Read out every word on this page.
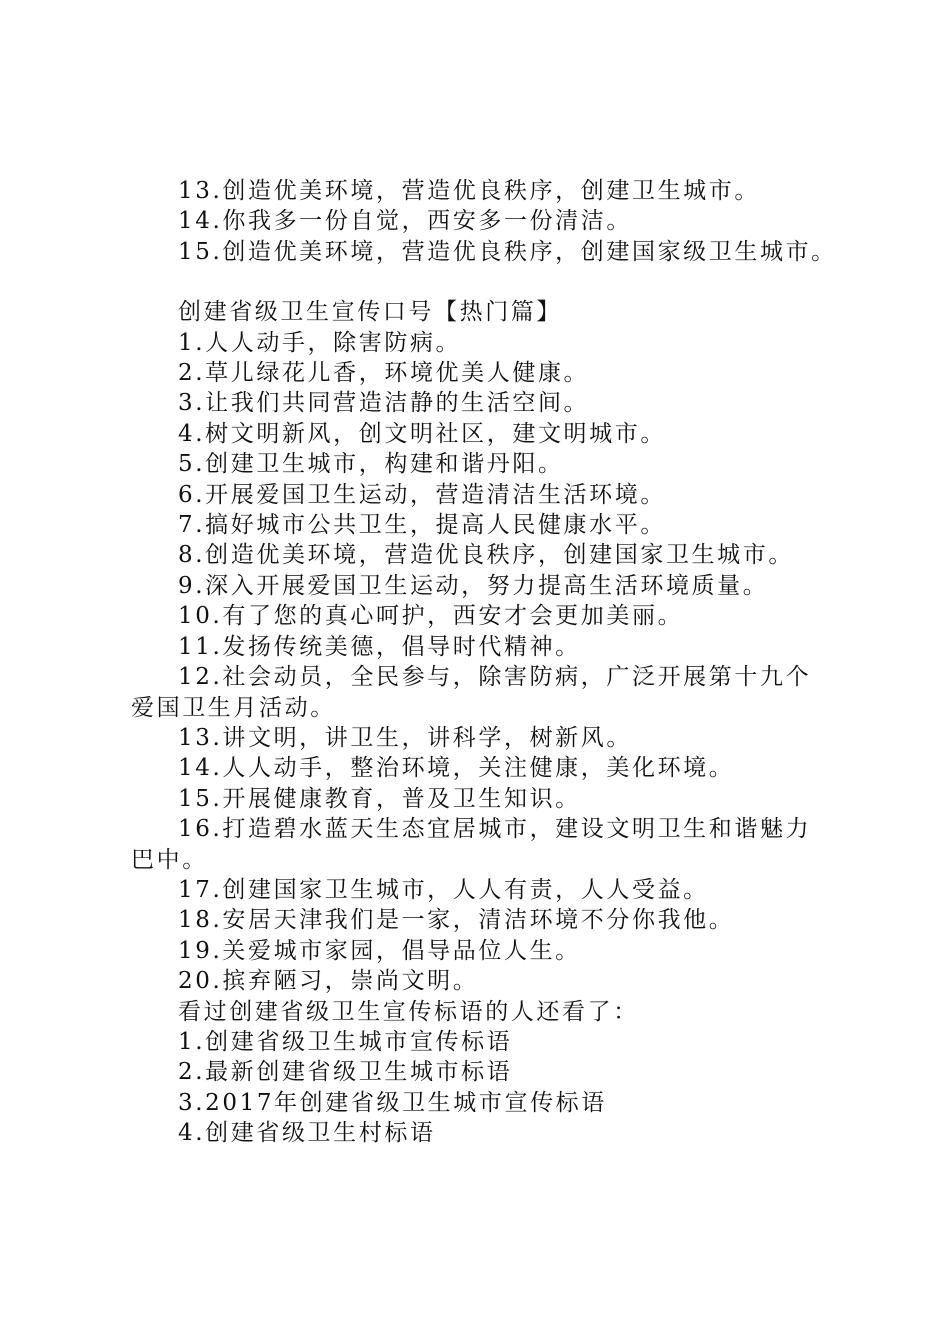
13.创造优美环境，营造优良秩序，创建卫生城市。
14.你我多一份自觉，西安多一份清洁。
15.创造优美环境，营造优良秩序，创建国家级卫生城市。
创建省级卫生宣传口号【热门篇】
1.人人动手，除害防病。
2.草儿绿花儿香，环境优美人健康。
3.让我们共同营造洁静的生活空间。
4.树文明新风，创文明社区，建文明城市。
5.创建卫生城市，构建和谐丹阳。
6.开展爱国卫生运动，营造清洁生活环境。
7.搞好城市公共卫生，提高人民健康水平。
8.创造优美环境，营造优良秩序，创建国家卫生城市。
9.深入开展爱国卫生运动，努力提高生活环境质量。
10.有了您的真心呵护，西安才会更加美丽。
11.发扬传统美德，倡导时代精神。
12.社会动员，全民参与，除害防病，广泛开展第十九个爱国卫生月活动。
13.讲文明，讲卫生，讲科学，树新风。
14.人人动手，整治环境，关注健康，美化环境。
15.开展健康教育，普及卫生知识。
16.打造碧水蓝天生态宜居城市，建设文明卫生和谐魅力巴中。
17.创建国家卫生城市，人人有责，人人受益。
18.安居天津我们是一家，清洁环境不分你我他。
19.关爱城市家园，倡导品位人生。
20.摈弃陋习，崇尚文明。
看过创建省级卫生宣传标语的人还看了：
1.创建省级卫生城市宣传标语
2.最新创建省级卫生城市标语
3.2017年创建省级卫生城市宣传标语
4.创建省级卫生村标语
